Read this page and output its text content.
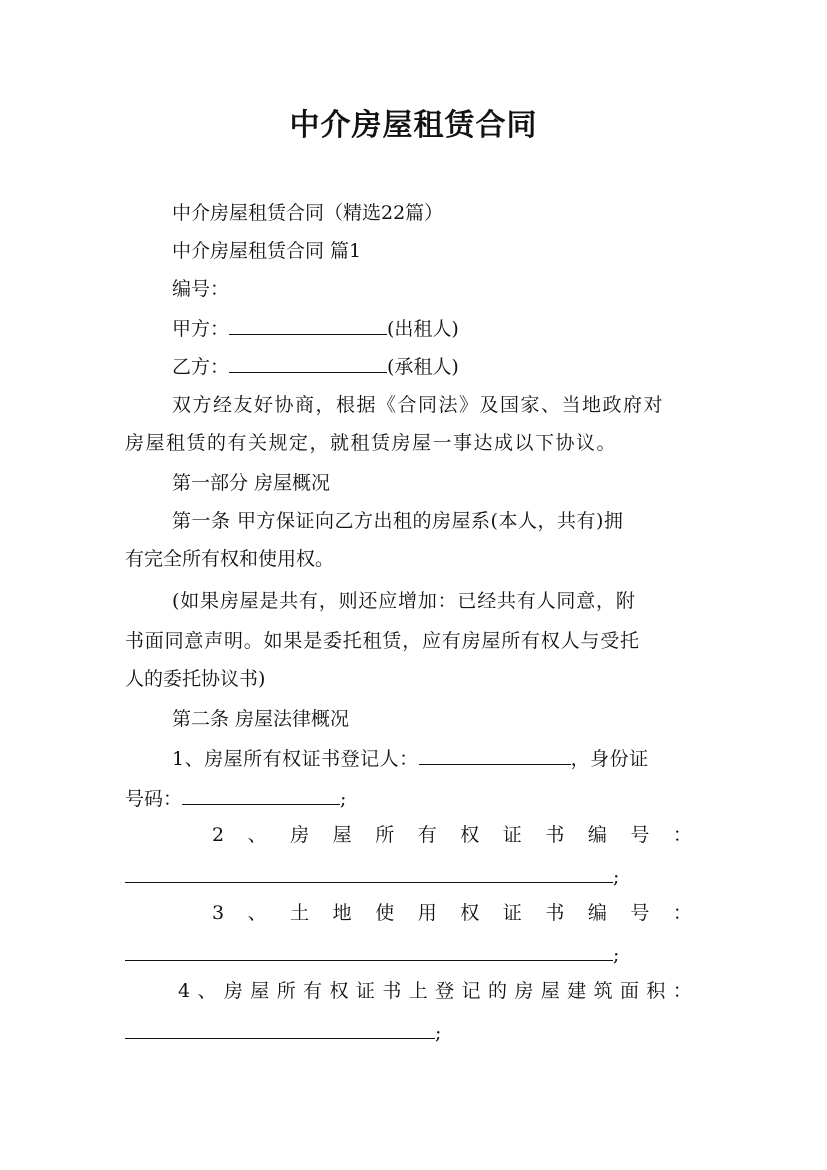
中介房屋租赁合同
中介房屋租赁合同（精选22篇）
中介房屋租赁合同 篇1
编号：
甲方：	(出租人)
乙方：	(承租人)
双方经友好协商，根据《合同法》及国家、当地政府对
房屋租赁的有关规定，就租赁房屋一事达成以下协议。
第一部分 房屋概况
第一条 甲方保证向乙方出租的房屋系(本人，共有)拥
有完全所有权和使用权。
(如果房屋是共有，则还应增加：已经共有人同意，附
书面同意声明。如果是委托租赁，应有房屋所有权人与受托
人的委托协议书)
第二条 房屋法律概况
1、房屋所有权证书登记人：	，身份证
号码：	;
2 、 房 屋 所 有 权 证 书 编 号 ：
;
3 、 土 地 使 用 权 证 书 编 号 ：
;
4 、 房 屋 所 有 权 证 书 上 登 记 的 房 屋 建 筑 面 积 ：
;
